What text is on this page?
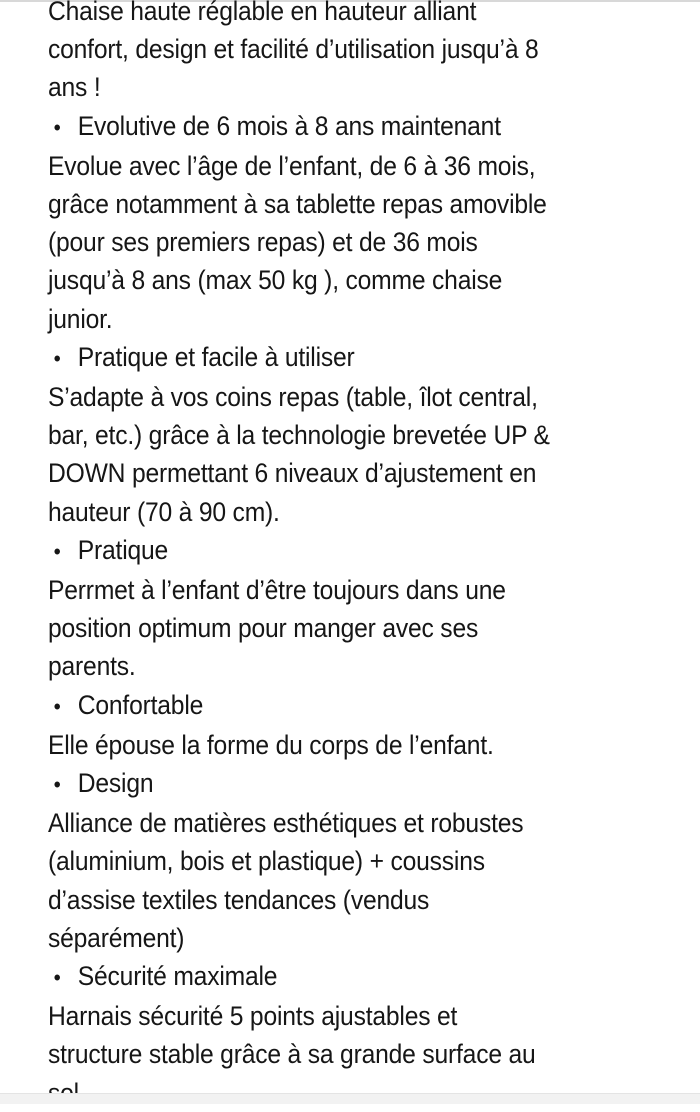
Chaise haute réglable en hauteur alliant
confort, design et facilité d’utilisation jusqu’à 8
ans !
• Evolutive de 6 mois à 8 ans maintenant
Evolue avec l’âge de l’enfant, de 6 à 36 mois,
grâce notamment à sa tablette repas amovible
(pour ses premiers repas) et de 36 mois
jusqu’à 8 ans (max 50 kg ), comme chaise
junior.
• Pratique et facile à utiliser
S’adapte à vos coins repas (table, îlot central,
bar, etc.) grâce à la technologie brevetée UP &
DOWN permettant 6 niveaux d’ajustement en
hauteur (70 à 90 cm).
• Pratique
Perrmet à l’enfant d’être toujours dans une
position optimum pour manger avec ses
parents.
• Confortable
Elle épouse la forme du corps de l’enfant.
• Design
Alliance de matières esthétiques et robustes
(aluminium, bois et plastique) + coussins
d’assise textiles tendances (vendus
séparément)
• Sécurité maximale
Harnais sécurité 5 points ajustables et
structure stable grâce à sa grande surface au
